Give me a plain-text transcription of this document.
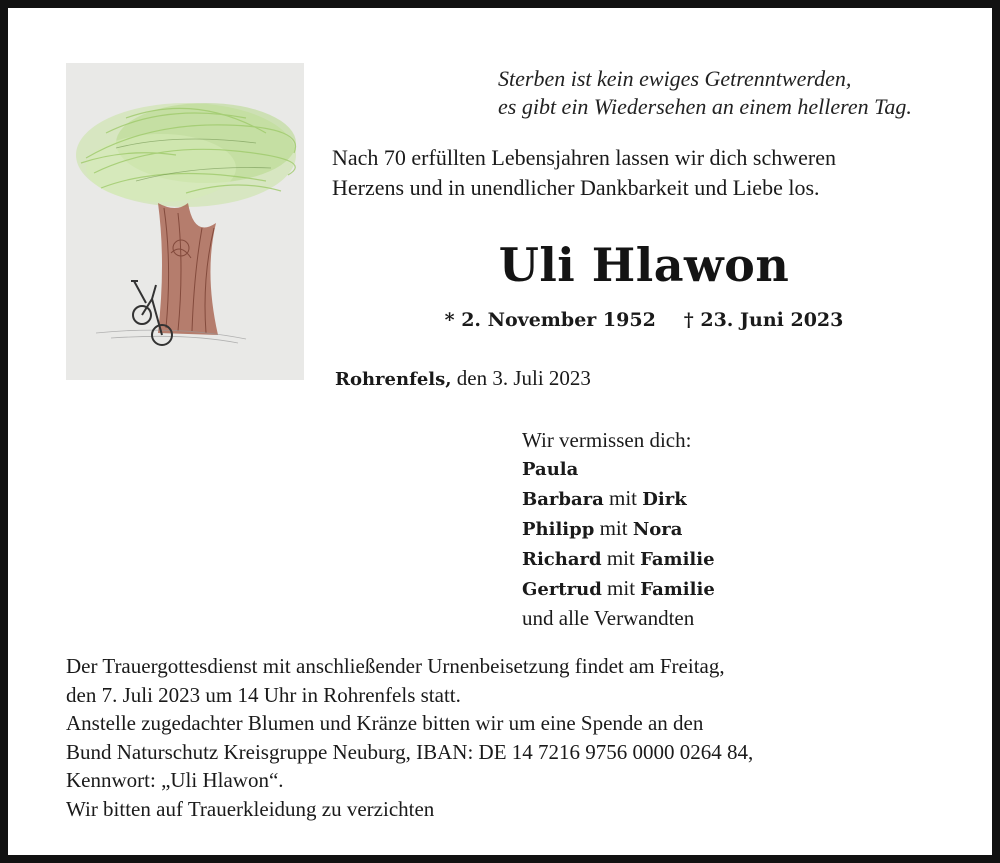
Sterben ist kein ewiges Getrenntwerden,
es gibt ein Wiedersehen an einem helleren Tag.
Nach 70 erfüllten Lebensjahren lassen wir dich schweren
Herzens und in unendlicher Dankbarkeit und Liebe los.
Uli Hlawon
* 2. November 1952 † 23. Juni 2023
Rohrenfels, den 3. Juli 2023
Wir vermissen dich:
Paula
Barbara mit Dirk
Philipp mit Nora
Richard mit Familie
Gertrud mit Familie
und alle Verwandten
Der Trauergottesdienst mit anschließender Urnenbeisetzung findet am Freitag,
den 7. Juli 2023 um 14 Uhr in Rohrenfels statt.
Anstelle zugedachter Blumen und Kränze bitten wir um eine Spende an den
Bund Naturschutz Kreisgruppe Neuburg, IBAN: DE 14 7216 9756 0000 0264 84,
Kennwort: „Uli Hlawon“.
Wir bitten auf Trauerkleidung zu verzichten
